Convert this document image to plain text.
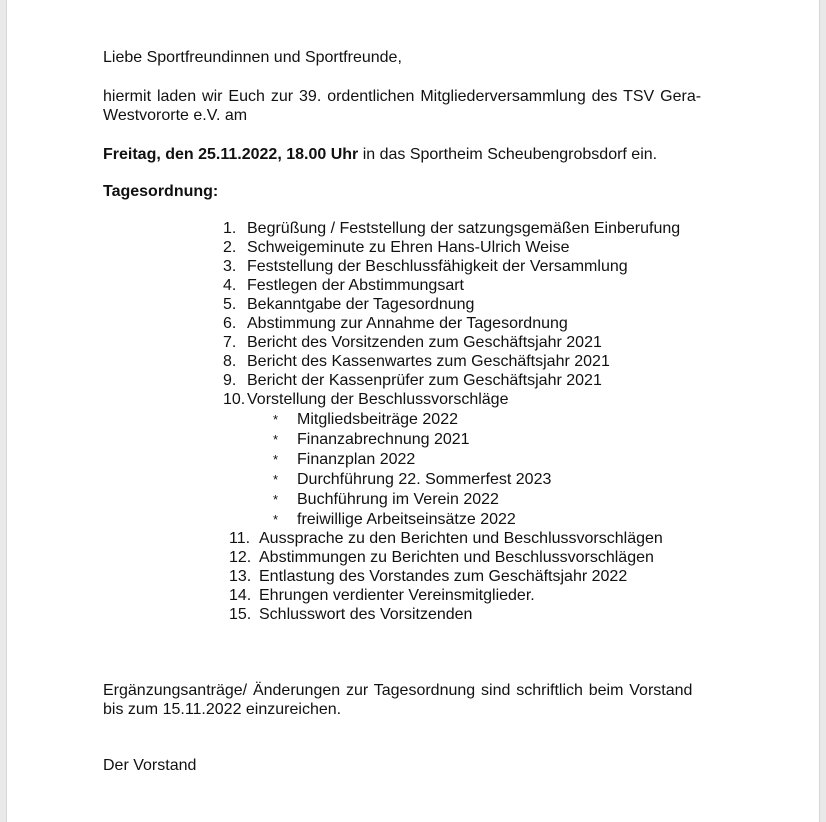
Liebe Sportfreundinnen und Sportfreunde,
hiermit laden wir Euch zur 39. ordentlichen Mitgliederversammlung des TSV Gera-
Westvororte e.V. am
Freitag, den 25.11.2022, 18.00 Uhr in das Sportheim Scheubengrobsdorf ein.
Tagesordnung:
1. Begrüßung / Feststellung der satzungsgemäßen Einberufung
2. Schweigeminute zu Ehren Hans-Ulrich Weise
3. Feststellung der Beschlussfähigkeit der Versammlung
4. Festlegen der Abstimmungsart
5. Bekanntgabe der Tagesordnung
6. Abstimmung zur Annahme der Tagesordnung
7. Bericht des Vorsitzenden zum Geschäftsjahr 2021
8. Bericht des Kassenwartes zum Geschäftsjahr 2021
9. Bericht der Kassenprüfer zum Geschäftsjahr 2021
10. Vorstellung der Beschlussvorschläge
* Mitgliedsbeiträge 2022
* Finanzabrechnung 2021
* Finanzplan 2022
* Durchführung 22. Sommerfest 2023
* Buchführung im Verein 2022
* freiwillige Arbeitseinsätze 2022
11. Aussprache zu den Berichten und Beschlussvorschlägen
12. Abstimmungen zu Berichten und Beschlussvorschlägen
13. Entlastung des Vorstandes zum Geschäftsjahr 2022
14. Ehrungen verdienter Vereinsmitglieder.
15. Schlusswort des Vorsitzenden
Ergänzungsanträge/ Änderungen zur Tagesordnung sind schriftlich beim Vorstand
bis zum 15.11.2022 einzureichen.
Der Vorstand
